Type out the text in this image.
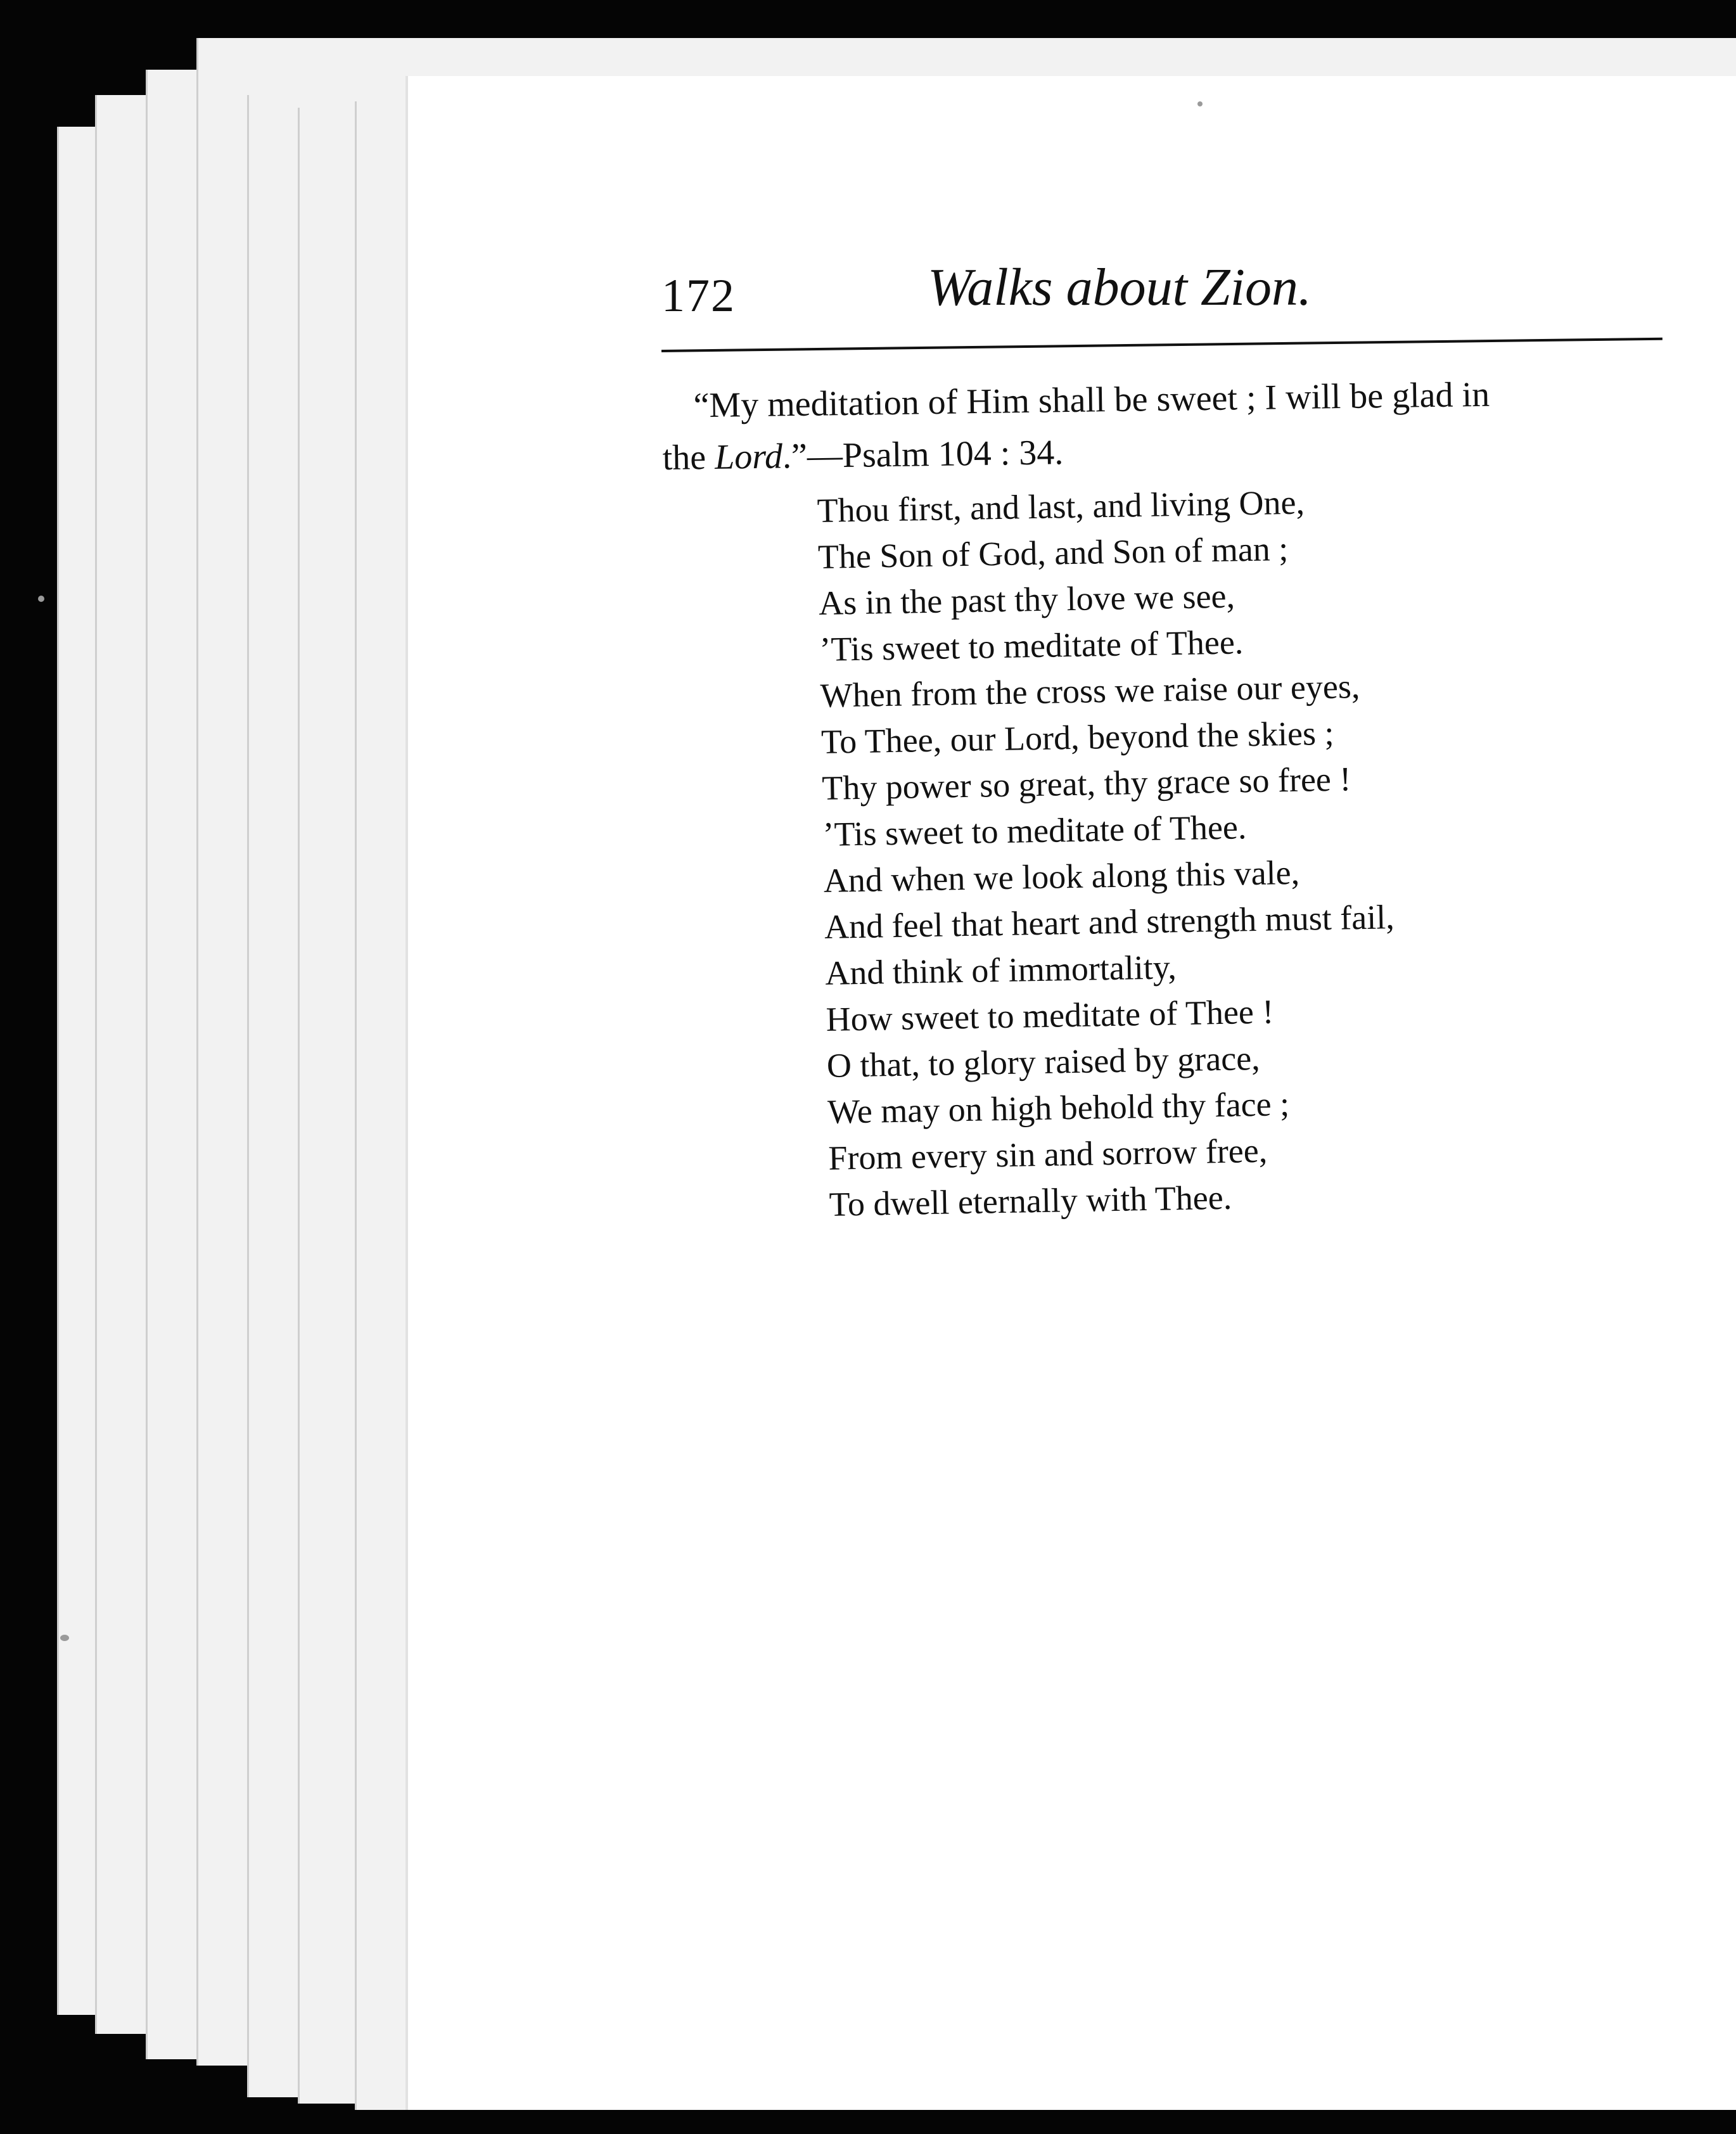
172	Walks about Zion.

“My meditation of Him shall be sweet ; I will be glad in

the Lord.”—Psalm 104 : 34.

Thou first, and last, and living One,
The Son of God, and Son of man ;
As in the past thy love we see,
’Tis sweet to meditate of Thee.
When from the cross we raise our eyes,
To Thee, our Lord, beyond the skies ;
Thy power so great, thy grace so free !
’Tis sweet to meditate of Thee.
And when we look along this vale,
And feel that heart and strength must fail,
And think of immortality,
How sweet to meditate of Thee !
O that, to glory raised by grace,
We may on high behold thy face ;
From every sin and sorrow free,
To dwell eternally with Thee.
